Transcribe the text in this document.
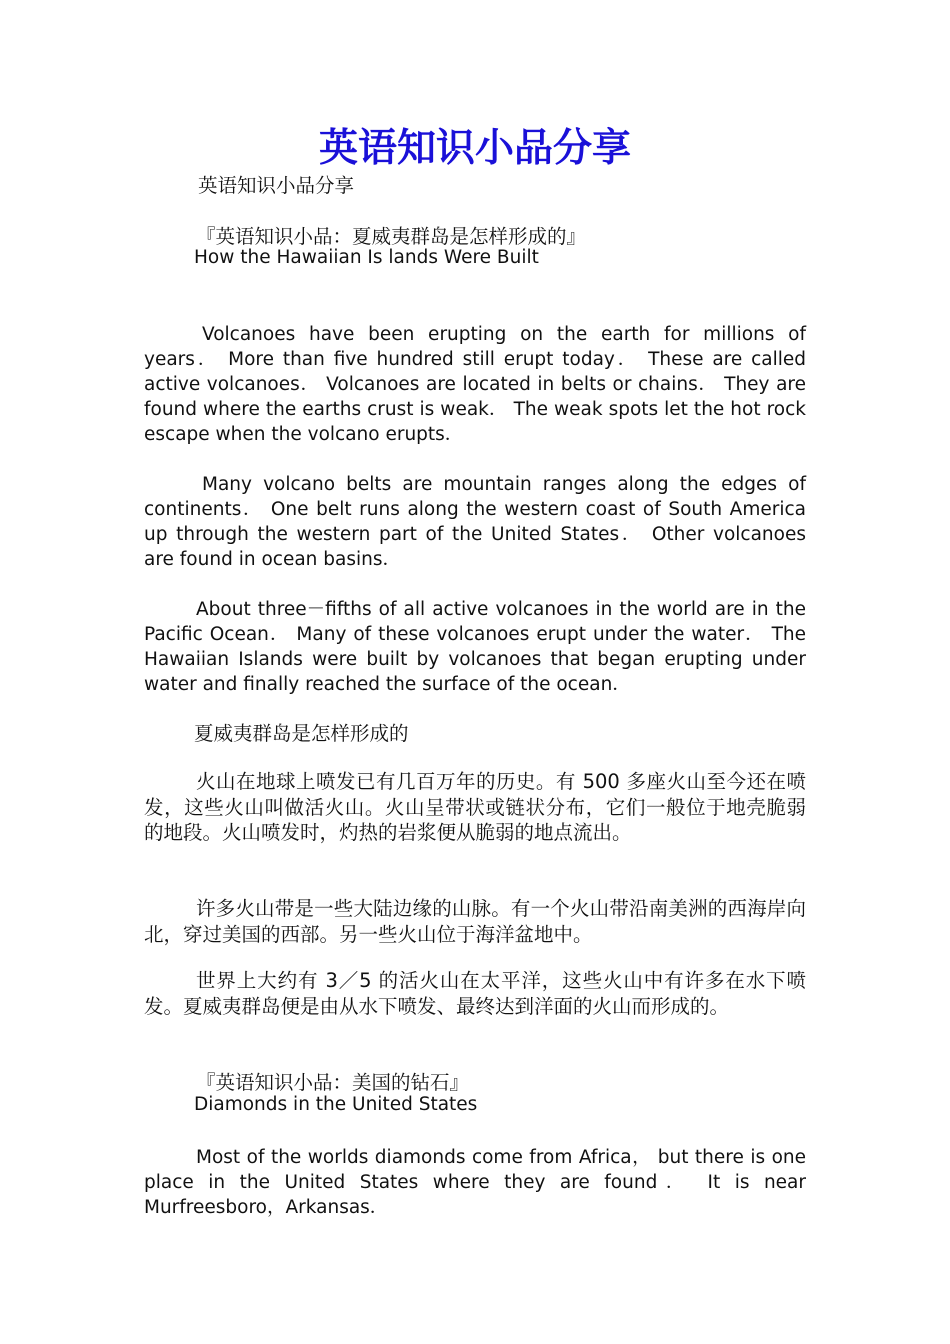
英语知识小品分享

英语知识小品分享

『英语知识小品：夏威夷群岛是怎样形成的』

How the Hawaiian Is lands Were Built

Volcanoes have been erupting on the earth for millions of years． More than five hundred still erupt today． These are called active volcanoes． Volcanoes are located in belts or chains． They are found where the earths crust is weak． The weak spots let the hot rock escape when the volcano erupts．

Many volcano belts are mountain ranges along the edges of continents． One belt runs along the western coast of South America up through the western part of the United States． Other volcanoes are found in ocean basins．

About three－fifths of all active volcanoes in the world are in the Pacific Ocean． Many of these volcanoes erupt under the water． The Hawaiian Islands were built by volcanoes that began erupting under water and finally reached the surface of the ocean．

夏威夷群岛是怎样形成的

火山在地球上喷发已有几百万年的历史。有 500 多座火山至今还在喷发，这些火山叫做活火山。火山呈带状或链状分布，它们一般位于地壳脆弱的地段。火山喷发时，灼热的岩浆便从脆弱的地点流出。

许多火山带是一些大陆边缘的山脉。有一个火山带沿南美洲的西海岸向北，穿过美国的西部。另一些火山位于海洋盆地中。

世界上大约有 3／5 的活火山在太平洋，这些火山中有许多在水下喷发。夏威夷群岛便是由从水下喷发、最终达到洋面的火山而形成的。

『英语知识小品：美国的钻石』

Diamonds in the United States

Most of the worlds diamonds come from Africa， but there is one place in the United States where they are found． It is near Murfreesboro，Arkansas．
